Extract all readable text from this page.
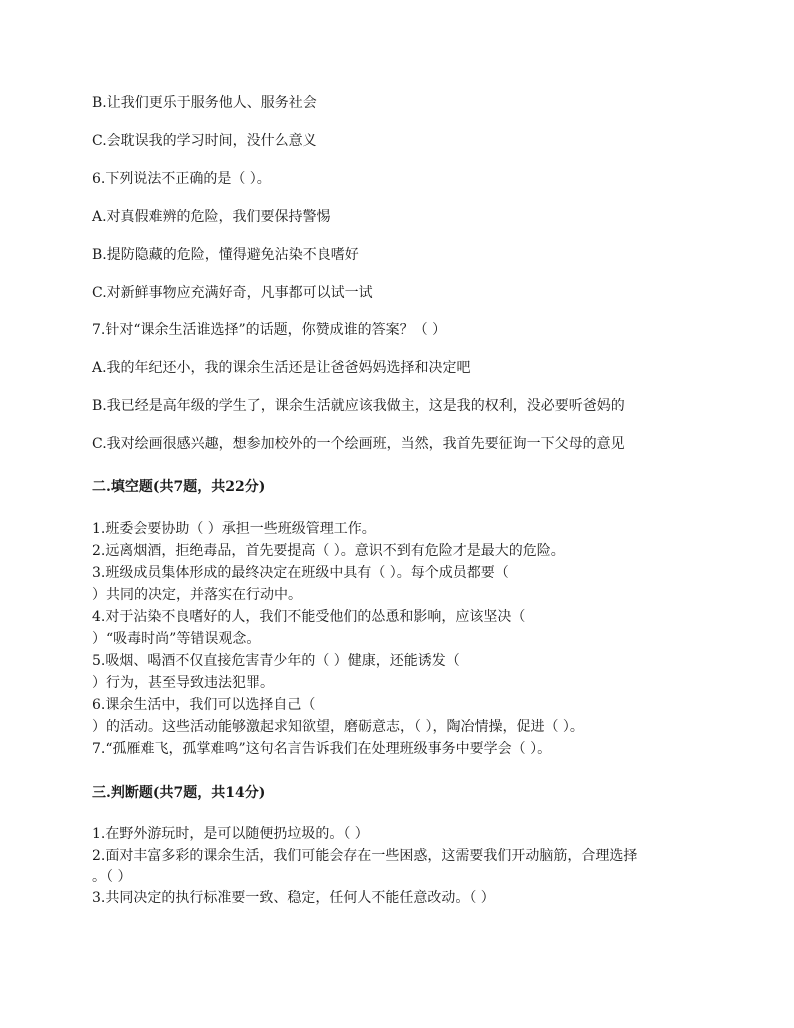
B.让我们更乐于服务他人、服务社会
C.会耽误我的学习时间，没什么意义
6.下列说法不正确的是（ ）。
A.对真假难辨的危险，我们要保持警惕
B.提防隐藏的危险，懂得避免沾染不良嗜好
C.对新鲜事物应充满好奇，凡事都可以试一试
7.针对“课余生活谁选择”的话题，你赞成谁的答案？（ ）
A.我的年纪还小，我的课余生活还是让爸爸妈妈选择和决定吧
B.我已经是高年级的学生了，课余生活就应该我做主，这是我的权利，没必要听爸妈的
C.我对绘画很感兴趣，想参加校外的一个绘画班，当然，我首先要征询一下父母的意见
二.填空题(共7题，共22分)
1.班委会要协助（ ）承担一些班级管理工作。
2.远离烟酒，拒绝毒品，首先要提高（ ）。意识不到有危险才是最大的危险。
3.班级成员集体形成的最终决定在班级中具有（ ）。每个成员都要（
）共同的决定，并落实在行动中。
4.对于沾染不良嗜好的人，我们不能受他们的怂恿和影响，应该坚决（
）“吸毒时尚”等错误观念。
5.吸烟、喝酒不仅直接危害青少年的（ ）健康，还能诱发（
）行为，甚至导致违法犯罪。
6.课余生活中，我们可以选择自己（
）的活动。这些活动能够激起求知欲望，磨砺意志，（ ），陶冶情操，促进（ ）。
7.“孤雁难飞，孤掌难鸣”这句名言告诉我们在处理班级事务中要学会（ ）。
三.判断题(共7题，共14分)
1.在野外游玩时，是可以随便扔垃圾的。（ ）
2.面对丰富多彩的课余生活，我们可能会存在一些困惑，这需要我们开动脑筋，合理选择
。（ ）
3.共同决定的执行标准要一致、稳定，任何人不能任意改动。（ ）
